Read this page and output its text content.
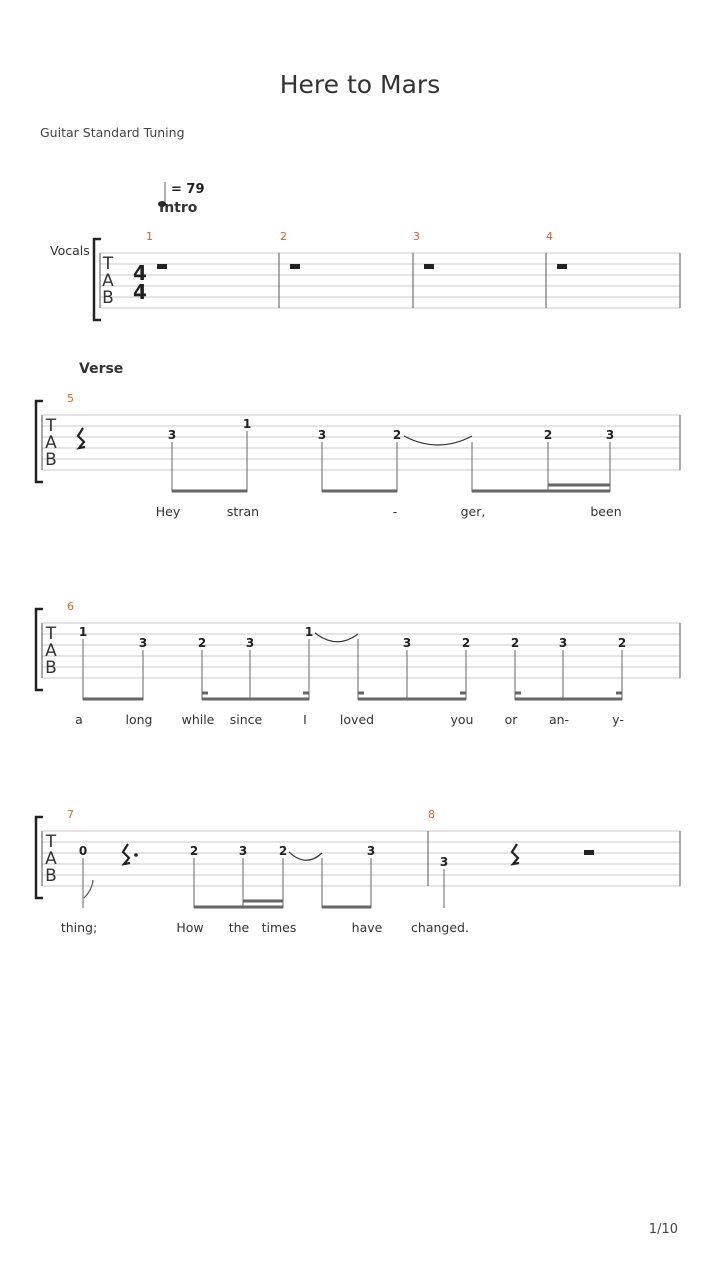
Here to Mars
Guitar Standard Tuning
= 79
Intro
Vocals
T
A
B
4
4
1	2	3	4
Verse
T
A
B
5
3
1
3	2	2	3
Hey	stran	-	ger,	been
T
A
B
6
1
3	2	3
1
3	2	2	3	2
a	long while since	I	loved	you or	an-	y-
T
A
B
7	8
0	2	3	2	3
3
thing;	How the times	have changed.
1/10
